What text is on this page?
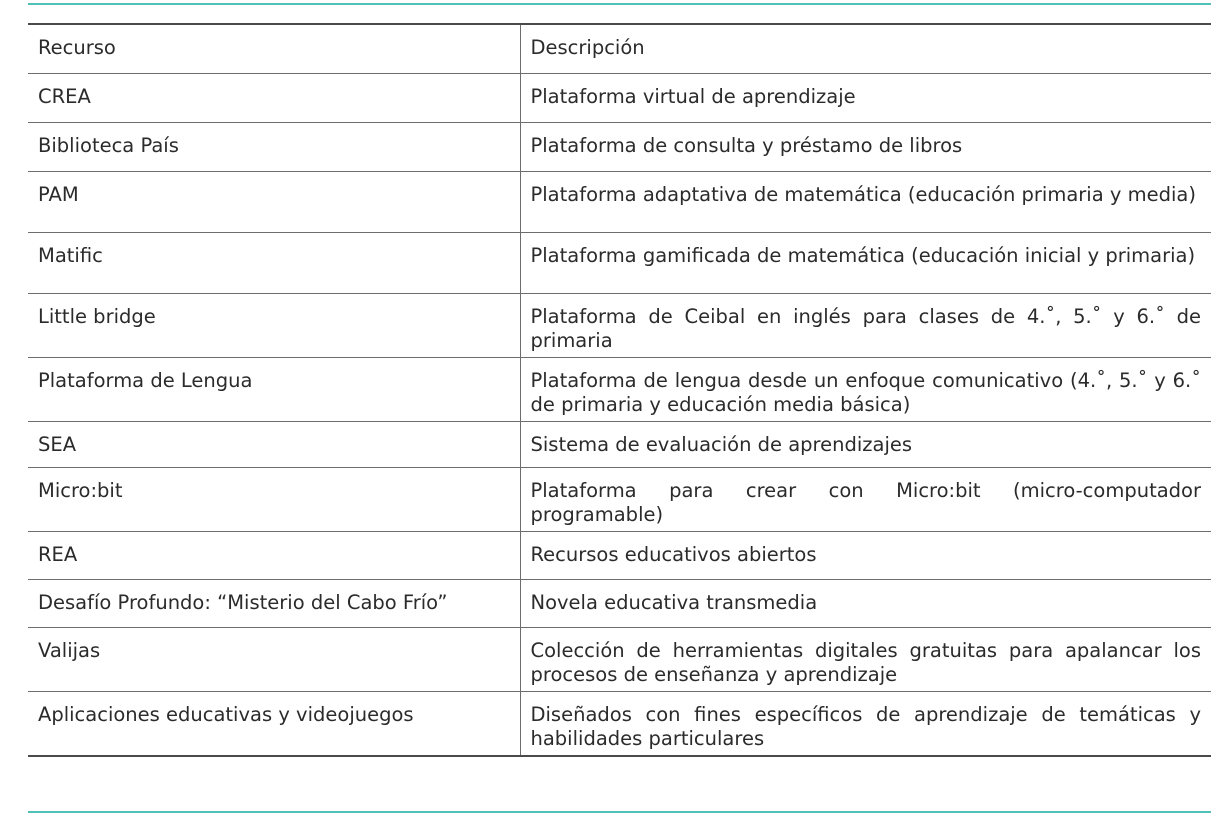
Recurso	Descripción
CREA	Plataforma virtual de aprendizaje
Biblioteca País	Plataforma de consulta y préstamo de libros
PAM	Plataforma adaptativa de matemática (educación primaria y media)
Matific	Plataforma gamificada de matemática (educación inicial y primaria)
Little bridge	Plataforma de Ceibal en inglés para clases de 4.˚, 5.˚ y 6.˚ de primaria
Plataforma de Lengua	Plataforma de lengua desde un enfoque comunicativo (4.˚, 5.˚ y 6.˚ de primaria y educación media básica)
SEA	Sistema de evaluación de aprendizajes
Micro:bit	Plataforma para crear con Micro:bit (micro-computador programable)
REA	Recursos educativos abiertos
Desafío Profundo: “Misterio del Cabo Frío”	Novela educativa transmedia
Valijas	Colección de herramientas digitales gratuitas para apalancar los procesos de enseñanza y aprendizaje
Aplicaciones educativas y videojuegos	Diseñados con fines específicos de aprendizaje de temáticas y habilidades particulares
